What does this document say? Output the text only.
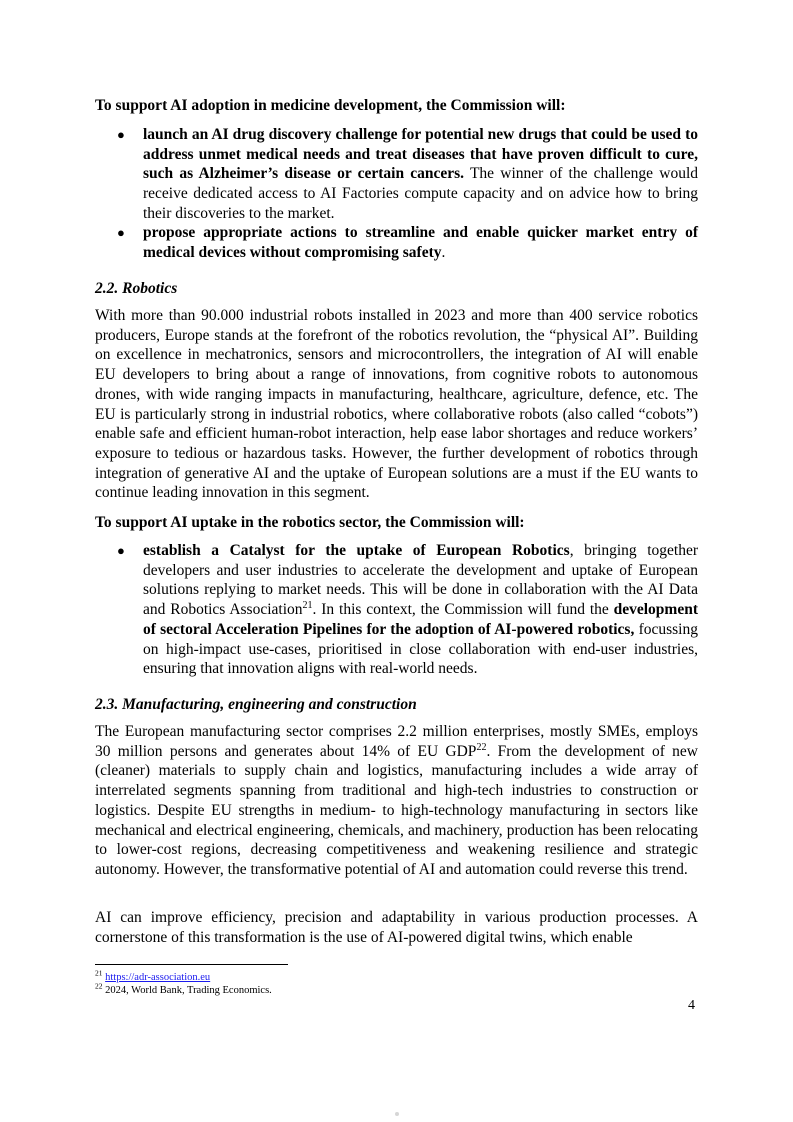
To support AI adoption in medicine development, the Commission will:

● launch an AI drug discovery challenge for potential new drugs that could be used to address unmet medical needs and treat diseases that have proven difficult to cure, such as Alzheimer’s disease or certain cancers. The winner of the challenge would receive dedicated access to AI Factories compute capacity and on advice how to bring their discoveries to the market.
● propose appropriate actions to streamline and enable quicker market entry of medical devices without compromising safety.

2.2. Robotics

With more than 90.000 industrial robots installed in 2023 and more than 400 service robotics producers, Europe stands at the forefront of the robotics revolution, the “physical AI”. Building on excellence in mechatronics, sensors and microcontrollers, the integration of AI will enable EU developers to bring about a range of innovations, from cognitive robots to autonomous drones, with wide ranging impacts in manufacturing, healthcare, agriculture, defence, etc. The EU is particularly strong in industrial robotics, where collaborative robots (also called “cobots”) enable safe and efficient human-robot interaction, help ease labor shortages and reduce workers’ exposure to tedious or hazardous tasks. However, the further development of robotics through integration of generative AI and the uptake of European solutions are a must if the EU wants to continue leading innovation in this segment.

To support AI uptake in the robotics sector, the Commission will:

● establish a Catalyst for the uptake of European Robotics, bringing together developers and user industries to accelerate the development and uptake of European solutions replying to market needs. This will be done in collaboration with the AI Data and Robotics Association$^{21}$. In this context, the Commission will fund the development of sectoral Acceleration Pipelines for the adoption of AI-powered robotics, focussing on high-impact use-cases, prioritised in close collaboration with end-user industries, ensuring that innovation aligns with real-world needs.

2.3. Manufacturing, engineering and construction

The European manufacturing sector comprises 2.2 million enterprises, mostly SMEs, employs 30 million persons and generates about 14% of EU GDP$^{22}$. From the development of new (cleaner) materials to supply chain and logistics, manufacturing includes a wide array of interrelated segments spanning from traditional and high-tech industries to construction or logistics. Despite EU strengths in medium- to high-technology manufacturing in sectors like mechanical and electrical engineering, chemicals, and machinery, production has been relocating to lower-cost regions, decreasing competitiveness and weakening resilience and strategic autonomy. However, the transformative potential of AI and automation could reverse this trend.

AI can improve efficiency, precision and adaptability in various production processes. A cornerstone of this transformation is the use of AI-powered digital twins, which enable

$^{21}$ https://adr-association.eu
$^{22}$ 2024, World Bank, Trading Economics.
4
